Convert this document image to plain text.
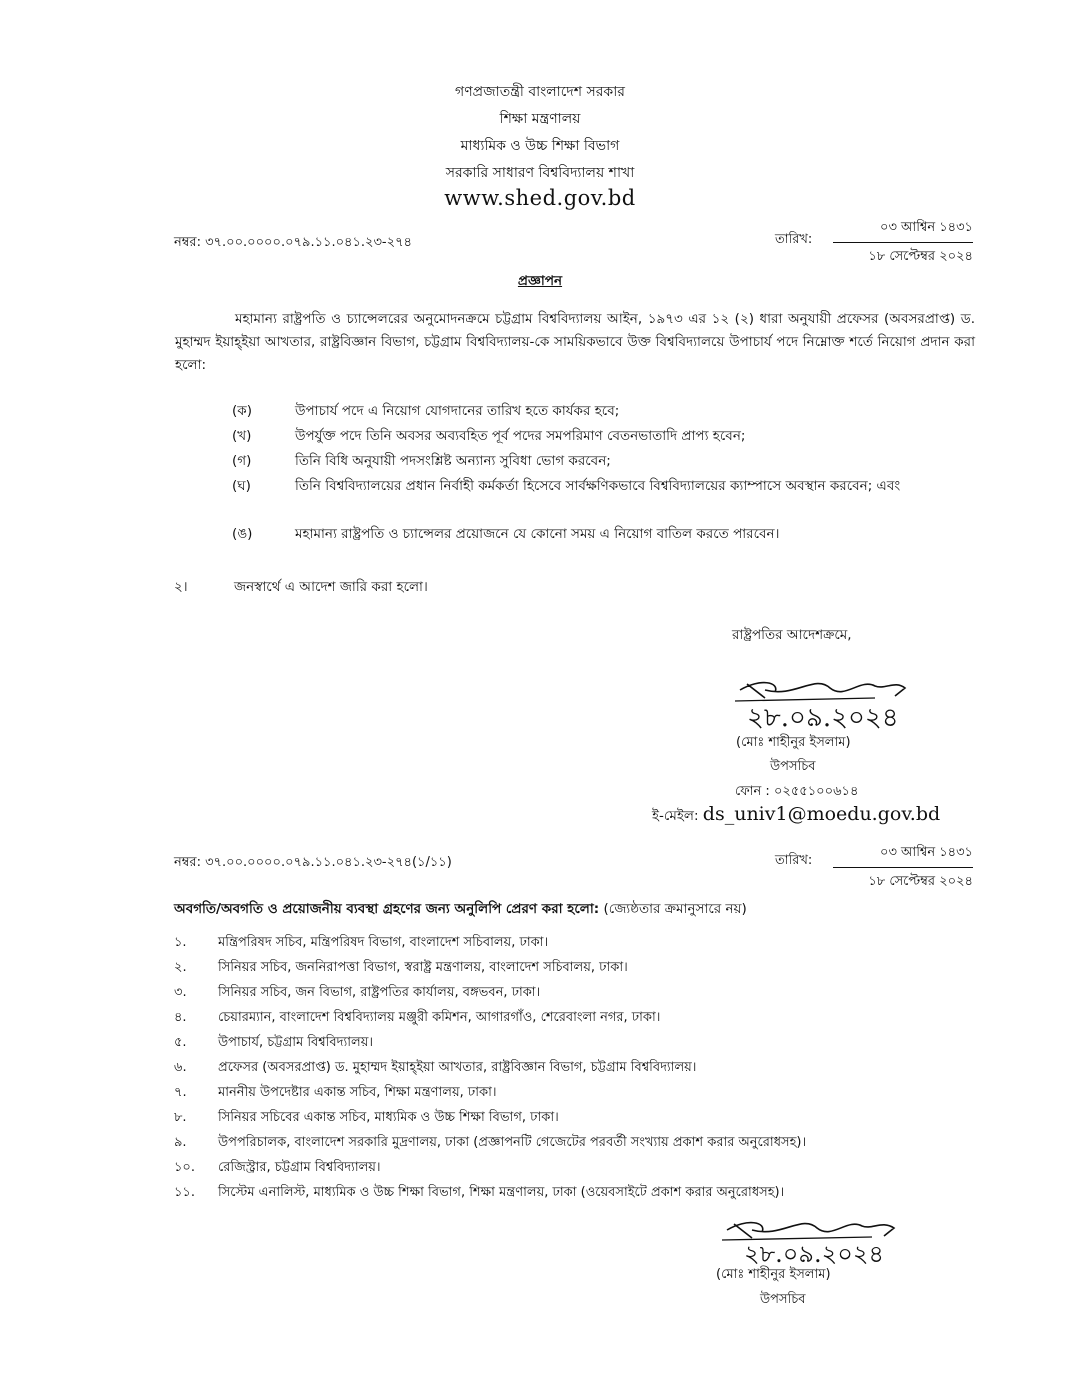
গণপ্রজাতন্ত্রী বাংলাদেশ সরকার
শিক্ষা মন্ত্রণালয়
মাধ্যমিক ও উচ্চ শিক্ষা বিভাগ
সরকারি সাধারণ বিশ্ববিদ্যালয় শাখা
www.shed.gov.bd
নম্বর: ৩৭.০০.০০০০.০৭৯.১১.০৪১.২৩-২৭৪	তারিখ:
০৩ আশ্বিন ১৪৩১
১৮ সেপ্টেম্বর ২০২৪
প্রজ্ঞাপন
মহামান্য রাষ্ট্রপতি ও চ্যান্সেলরের অনুমোদনক্রমে চট্টগ্রাম বিশ্ববিদ্যালয় আইন, ১৯৭৩ এর ১২ (২) ধারা অনুযায়ী প্রফেসর (অবসরপ্রাপ্ত) ড. মুহাম্মদ ইয়াহ্ইয়া আখতার, রাষ্ট্রবিজ্ঞান বিভাগ, চট্টগ্রাম বিশ্ববিদ্যালয়-কে সাময়িকভাবে উক্ত বিশ্ববিদ্যালয়ে উপাচার্য পদে নিম্নোক্ত শর্তে নিয়োগ প্রদান করা হলো:
(ক)	উপাচার্য পদে এ নিয়োগ যোগদানের তারিখ হতে কার্যকর হবে;
(খ)	উপর্যুক্ত পদে তিনি অবসর অব্যবহিত পূর্ব পদের সমপরিমাণ বেতনভাতাদি প্রাপ্য হবেন;
(গ)	তিনি বিধি অনুযায়ী পদসংশ্লিষ্ট অন্যান্য সুবিধা ভোগ করবেন;
(ঘ)	তিনি বিশ্ববিদ্যালয়ের প্রধান নির্বাহী কর্মকর্তা হিসেবে সার্বক্ষণিকভাবে বিশ্ববিদ্যালয়ের ক্যাম্পাসে অবস্থান করবেন; এবং
(ঙ)	মহামান্য রাষ্ট্রপতি ও চ্যান্সেলর প্রয়োজনে যে কোনো সময় এ নিয়োগ বাতিল করতে পারবেন।
২।	জনস্বার্থে এ আদেশ জারি করা হলো।
রাষ্ট্রপতির আদেশক্রমে,
২৮.০৯.২০২৪
(মোঃ শাহীনুর ইসলাম)
উপসচিব
ফোন : ০২৫৫১০০৬১৪
ই-মেইল: ds_univ1@moedu.gov.bd
নম্বর: ৩৭.০০.০০০০.০৭৯.১১.০৪১.২৩-২৭৪(১/১১)	তারিখ:
০৩ আশ্বিন ১৪৩১
১৮ সেপ্টেম্বর ২০২৪
অবগতি/অবগতি ও প্রয়োজনীয় ব্যবস্থা গ্রহণের জন্য অনুলিপি প্রেরণ করা হলো: (জ্যেষ্ঠতার ক্রমানুসারে নয়)
১. মন্ত্রিপরিষদ সচিব, মন্ত্রিপরিষদ বিভাগ, বাংলাদেশ সচিবালয়, ঢাকা।
২. সিনিয়র সচিব, জননিরাপত্তা বিভাগ, স্বরাষ্ট্র মন্ত্রণালয়, বাংলাদেশ সচিবালয়, ঢাকা।
৩. সিনিয়র সচিব, জন বিভাগ, রাষ্ট্রপতির কার্যালয়, বঙ্গভবন, ঢাকা।
৪. চেয়ারম্যান, বাংলাদেশ বিশ্ববিদ্যালয় মঞ্জুরী কমিশন, আগারগাঁও, শেরেবাংলা নগর, ঢাকা।
৫. উপাচার্য, চট্টগ্রাম বিশ্ববিদ্যালয়।
৬. প্রফেসর (অবসরপ্রাপ্ত) ড. মুহাম্মদ ইয়াহ্ইয়া আখতার, রাষ্ট্রবিজ্ঞান বিভাগ, চট্টগ্রাম বিশ্ববিদ্যালয়।
৭. মাননীয় উপদেষ্টার একান্ত সচিব, শিক্ষা মন্ত্রণালয়, ঢাকা।
৮. সিনিয়র সচিবের একান্ত সচিব, মাধ্যমিক ও উচ্চ শিক্ষা বিভাগ, ঢাকা।
৯. উপপরিচালক, বাংলাদেশ সরকারি মুদ্রণালয়, ঢাকা (প্রজ্ঞাপনটি গেজেটের পরবর্তী সংখ্যায় প্রকাশ করার অনুরোধসহ)।
১০. রেজিস্ট্রার, চট্টগ্রাম বিশ্ববিদ্যালয়।
১১. সিস্টেম এনালিস্ট, মাধ্যমিক ও উচ্চ শিক্ষা বিভাগ, শিক্ষা মন্ত্রণালয়, ঢাকা (ওয়েবসাইটে প্রকাশ করার অনুরোধসহ)।
২৮.০৯.২০২৪
(মোঃ শাহীনুর ইসলাম)
উপসচিব
